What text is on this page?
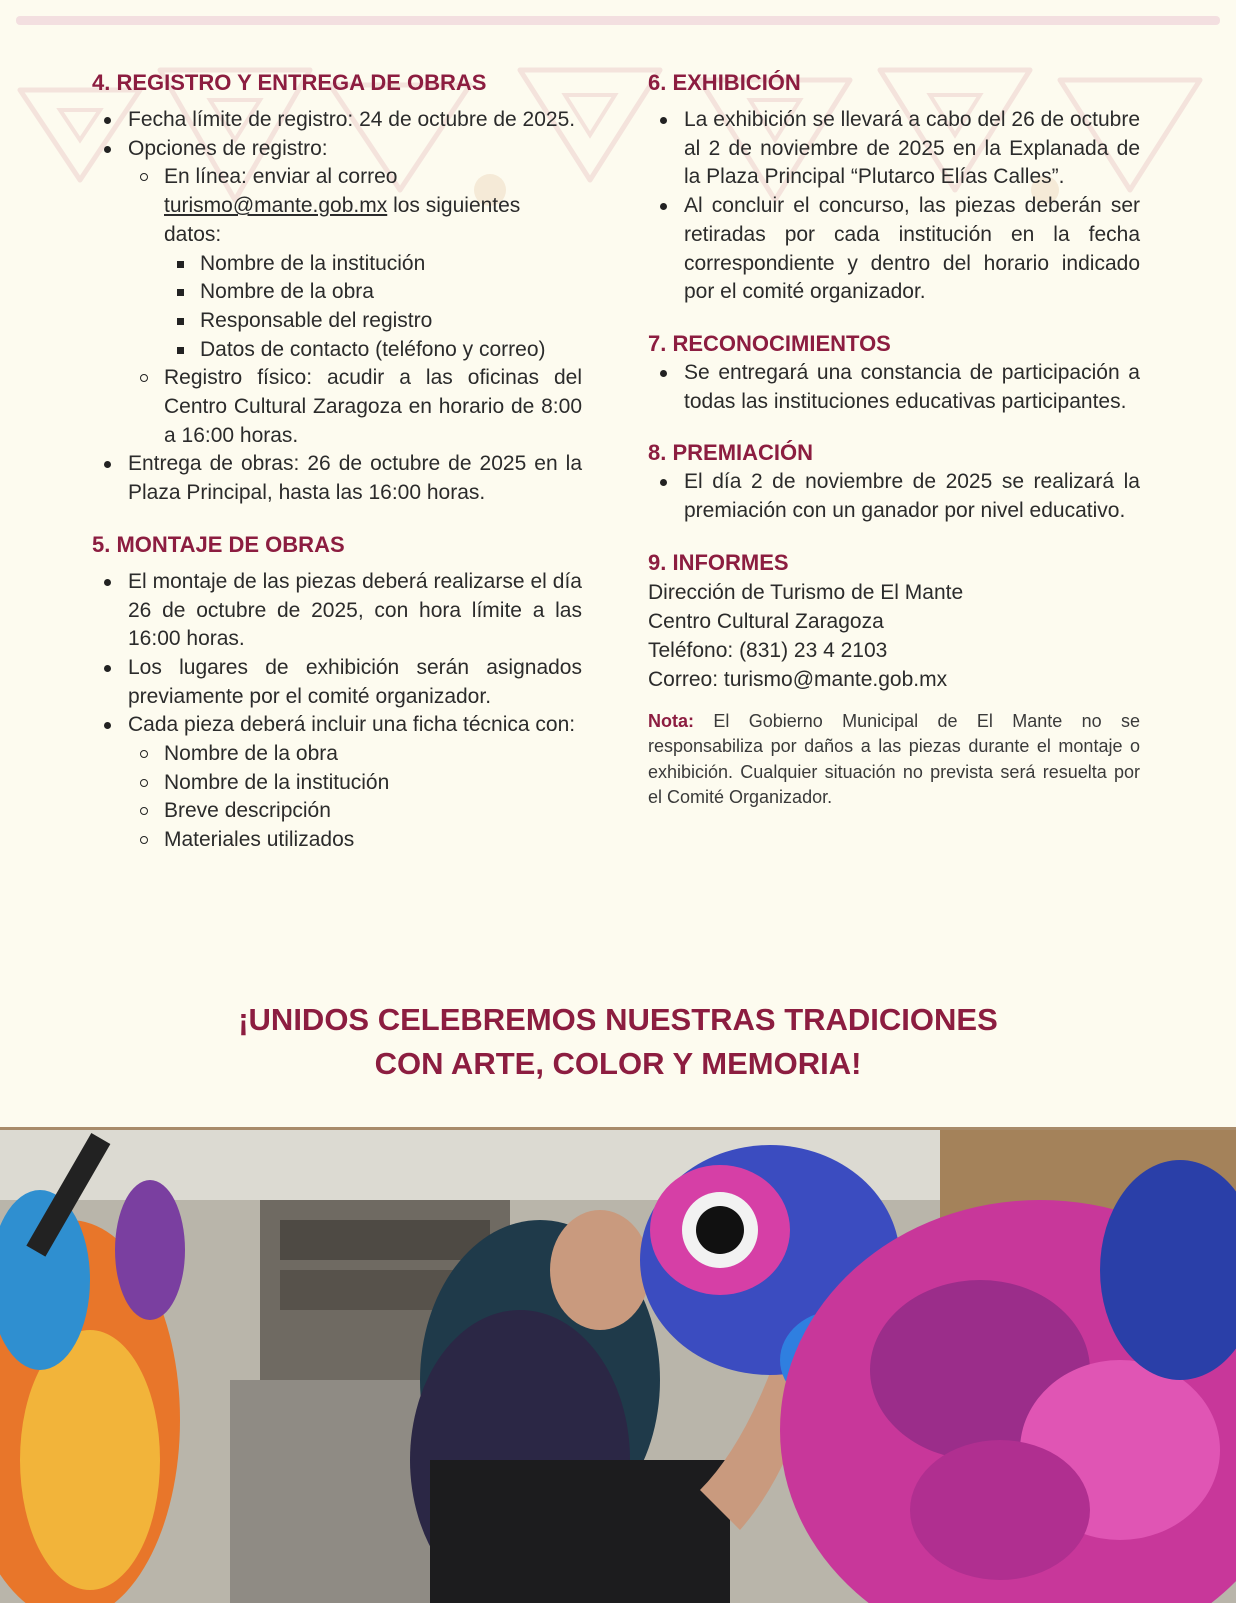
4. REGISTRO Y ENTREGA DE OBRAS
Fecha límite de registro: 24 de octubre de 2025.
Opciones de registro:
En línea: enviar al correo
turismo@mante.gob.mx los siguientes datos:
Nombre de la institución
Nombre de la obra
Responsable del registro
Datos de contacto (teléfono y correo)
Registro físico: acudir a las oficinas del Centro Cultural Zaragoza en horario de 8:00 a 16:00 horas.
Entrega de obras: 26 de octubre de 2025 en la Plaza Principal, hasta las 16:00 horas.
5. MONTAJE DE OBRAS
El montaje de las piezas deberá realizarse el día 26 de octubre de 2025, con hora límite a las 16:00 horas.
Los lugares de exhibición serán asignados previamente por el comité organizador.
Cada pieza deberá incluir una ficha técnica con:
Nombre de la obra
Nombre de la institución
Breve descripción
Materiales utilizados
6. EXHIBICIÓN
La exhibición se llevará a cabo del 26 de octubre al 2 de noviembre de 2025 en la Explanada de la Plaza Principal “Plutarco Elías Calles”.
Al concluir el concurso, las piezas deberán ser retiradas por cada institución en la fecha correspondiente y dentro del horario indicado por el comité organizador.
7. RECONOCIMIENTOS
Se entregará una constancia de participación a todas las instituciones educativas participantes.
8. PREMIACIÓN
El día 2 de noviembre de 2025 se realizará la premiación con un ganador por nivel educativo.
9. INFORMES

Dirección de Turismo de El Mante

Centro Cultural Zaragoza

Teléfono: (831) 23 4 2103

Correo: turismo@mante.gob.mx

Nota: El Gobierno Municipal de El Mante no se responsabiliza por daños a las piezas durante el montaje o exhibición. Cualquier situación no prevista será resuelta por el Comité Organizador.

¡UNIDOS CELEBREMOS NUESTRAS TRADICIONES
CON ARTE, COLOR Y MEMORIA!
